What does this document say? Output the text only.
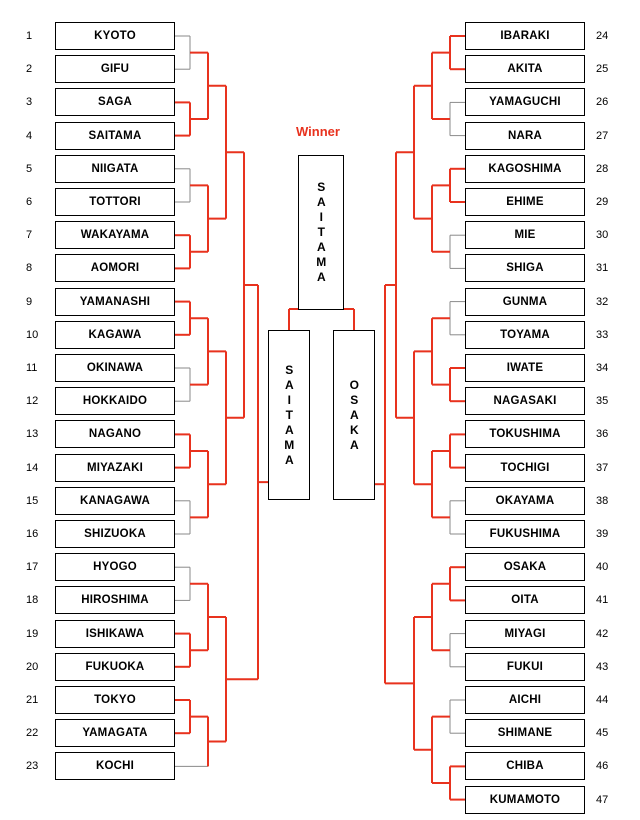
KYOTO
1
GIFU
2
SAGA
3
SAITAMA
4
NIIGATA
5
TOTTORI
6
WAKAYAMA
7
AOMORI
8
YAMANASHI
9
KAGAWA
10
OKINAWA
11
HOKKAIDO
12
NAGANO
13
MIYAZAKI
14
KANAGAWA
15
SHIZUOKA
16
HYOGO
17
HIROSHIMA
18
ISHIKAWA
19
FUKUOKA
20
TOKYO
21
YAMAGATA
22
KOCHI
23
IBARAKI	24
AKITA	25
YAMAGUCHI	26
NARA	27
KAGOSHIMA	28
EHIME	29
MIE	30
SHIGA	31
GUNMA	32
TOYAMA	33
IWATE	34
NAGASAKI	35
TOKUSHIMA	36
TOCHIGI	37
OKAYAMA	38
FUKUSHIMA	39
OSAKA	40
OITA	41
MIYAGI	42
FUKUI	43
AICHI	44
SHIMANE	45
CHIBA	46
KUMAMOTO	47
SAITAMA
SAITAMA	OSAKA
Winner
